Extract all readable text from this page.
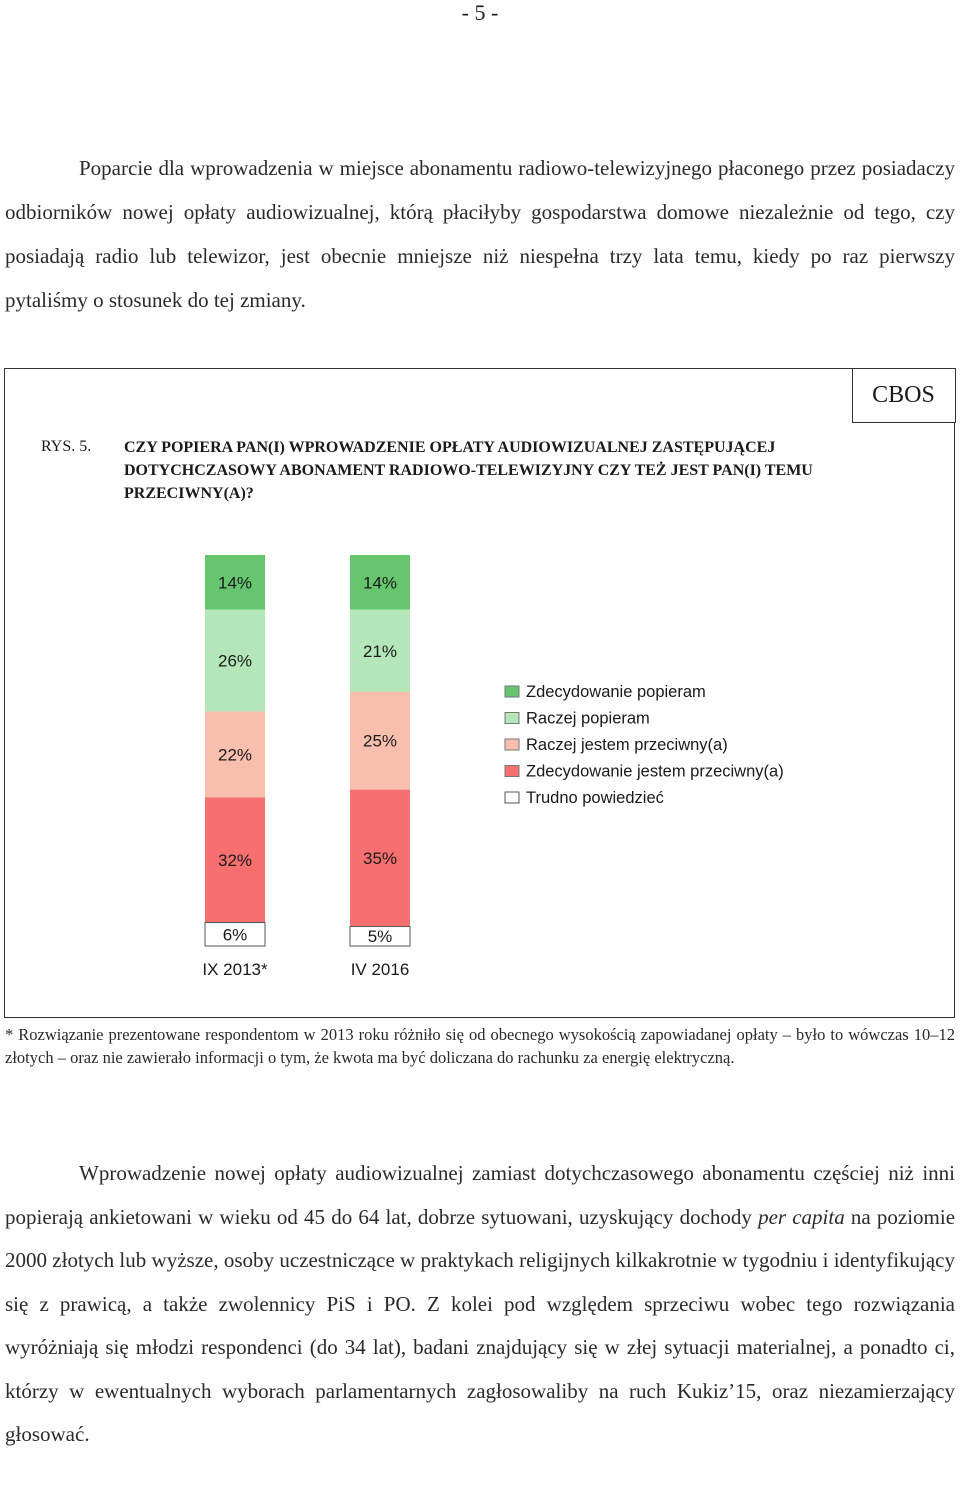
- 5 -

Poparcie dla wprowadzenia w miejsce abonamentu radiowo-telewizyjnego płaconego przez posiadaczy odbiorników nowej opłaty audiowizualnej, którą płaciłyby gospodarstwa domowe niezależnie od tego, czy posiadają radio lub telewizor, jest obecnie mniejsze niż niespełna trzy lata temu, kiedy po raz pierwszy pytaliśmy o stosunek do tej zmiany.

CBOS
RYS. 5. CZY POPIERA PAN(I) WPROWADZENIE OPŁATY AUDIOWIZUALNEJ ZASTĘPUJĄCEJ DOTYCHCZASOWY ABONAMENT RADIOWO-TELEWIZYJNY CZY TEŻ JEST PAN(I) TEMU PRZECIWNY(A)?
14%
26%
22%
32%
6%
IX 2013*
14%
21%
25%
35%
5%
IV 2016
Zdecydowanie popieram
Raczej popieram
Raczej jestem przeciwny(a)
Zdecydowanie jestem przeciwny(a)
Trudno powiedzieć

* Rozwiązanie prezentowane respondentom w 2013 roku różniło się od obecnego wysokością zapowiadanej opłaty – było to wówczas 10–12 złotych – oraz nie zawierało informacji o tym, że kwota ma być doliczana do rachunku za energię elektryczną.

Wprowadzenie nowej opłaty audiowizualnej zamiast dotychczasowego abonamentu częściej niż inni popierają ankietowani w wieku od 45 do 64 lat, dobrze sytuowani, uzyskujący dochody per capita na poziomie 2000 złotych lub wyższe, osoby uczestniczące w praktykach religijnych kilkakrotnie w tygodniu i identyfikujący się z prawicą, a także zwolennicy PiS i PO. Z kolei pod względem sprzeciwu wobec tego rozwiązania wyróżniają się młodzi respondenci (do 34 lat), badani znajdujący się w złej sytuacji materialnej, a ponadto ci, którzy w ewentualnych wyborach parlamentarnych zagłosowaliby na ruch Kukiz’15, oraz niezamierzający głosować.
